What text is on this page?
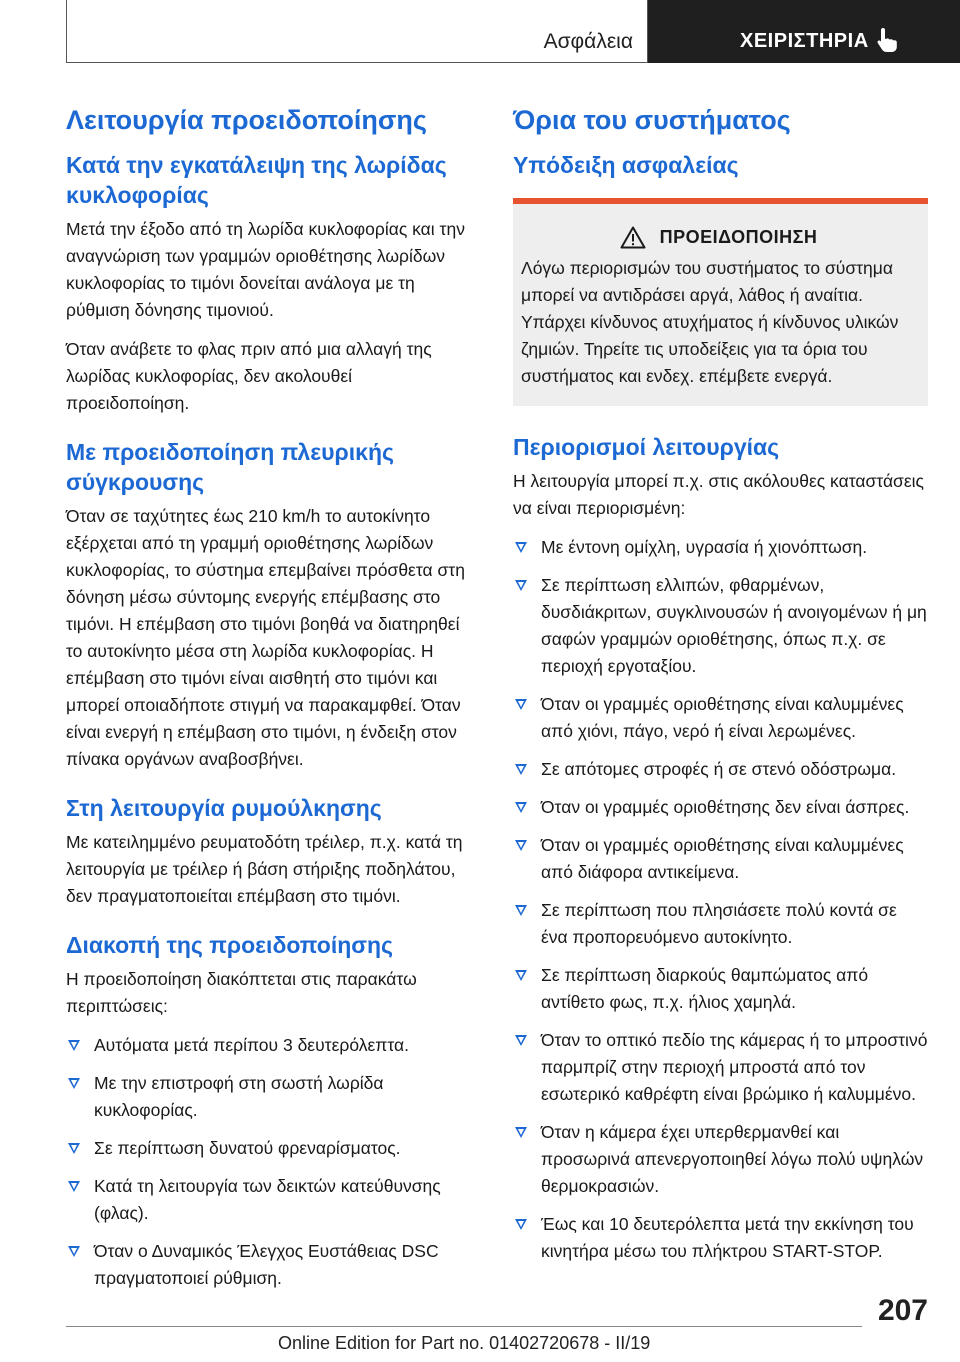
Ασφάλεια	ΧΕΙΡΙΣΤΗΡΙΑ
Λειτουργία προειδοποίησης
Κατά την εγκατάλειψη της λωρίδας κυκλοφορίας

Μετά την έξοδο από τη λωρίδα κυκλοφορίας και την αναγνώριση των γραμμών οριοθέτησης λωρίδων κυκλοφορίας το τιμόνι δονείται ανάλογα με τη ρύθμιση δόνησης τιμονιού.

Όταν ανάβετε το φλας πριν από μια αλλαγή της λωρίδας κυκλοφορίας, δεν ακολουθεί προειδοποίηση.

Με προειδοποίηση πλευρικής σύγκρουσης

Όταν σε ταχύτητες έως 210 km/h το αυτοκίνητο εξέρχεται από τη γραμμή οριοθέτησης λωρίδων κυκλοφορίας, το σύστημα επεμβαίνει πρόσθετα στη δόνηση μέσω σύντομης ενεργής επέμβασης στο τιμόνι. Η επέμβαση στο τιμόνι βοηθά να διατηρηθεί το αυτοκίνητο μέσα στη λωρίδα κυκλοφορίας. Η επέμβαση στο τιμόνι είναι αισθητή στο τιμόνι και μπορεί οποιαδήποτε στιγμή να παρακαμφθεί. Όταν είναι ενεργή η επέμβαση στο τιμόνι, η ένδειξη στον πίνακα οργάνων αναβοσβήνει.

Στη λειτουργία ρυμούλκησης

Με κατειλημμένο ρευματοδότη τρέιλερ, π.χ. κατά τη λειτουργία με τρέιλερ ή βάση στήριξης ποδηλάτου, δεν πραγματοποιείται επέμβαση στο τιμόνι.

Διακοπή της προειδοποίησης

Η προειδοποίηση διακόπτεται στις παρακάτω περιπτώσεις:

Αυτόματα μετά περίπου 3 δευτερόλεπτα.
Με την επιστροφή στη σωστή λωρίδα κυκλοφορίας.
Σε περίπτωση δυνατού φρεναρίσματος.
Κατά τη λειτουργία των δεικτών κατεύθυνσης (φλας).
Όταν ο Δυναμικός Έλεγχος Ευστάθειας DSC πραγματοποιεί ρύθμιση.
Όρια του συστήματος
Υπόδειξη ασφαλείας
ΠΡΟΕΙΔΟΠΟΙΗΣΗ

Λόγω περιορισμών του συστήματος το σύστημα μπορεί να αντιδράσει αργά, λάθος ή αναίτια. Υπάρχει κίνδυνος ατυχήματος ή κίνδυνος υλικών ζημιών. Τηρείτε τις υποδείξεις για τα όρια του συστήματος και ενδεχ. επέμβετε ενεργά.

Περιορισμοί λειτουργίας

Η λειτουργία μπορεί π.χ. στις ακόλουθες καταστάσεις να είναι περιορισμένη:

Με έντονη ομίχλη, υγρασία ή χιονόπτωση.
Σε περίπτωση ελλιπών, φθαρμένων, δυσδιάκριτων, συγκλινουσών ή ανοιγομένων ή μη σαφών γραμμών οριοθέτησης, όπως π.χ. σε περιοχή εργοταξίου.
Όταν οι γραμμές οριοθέτησης είναι καλυμμένες από χιόνι, πάγο, νερό ή είναι λερωμένες.
Σε απότομες στροφές ή σε στενό οδόστρωμα.
Όταν οι γραμμές οριοθέτησης δεν είναι άσπρες.
Όταν οι γραμμές οριοθέτησης είναι καλυμμένες από διάφορα αντικείμενα.
Σε περίπτωση που πλησιάσετε πολύ κοντά σε ένα προπορευόμενο αυτοκίνητο.
Σε περίπτωση διαρκούς θαμπώματος από αντίθετο φως, π.χ. ήλιος χαμηλά.
Όταν το οπτικό πεδίο της κάμερας ή το μπροστινό παρμπρίζ στην περιοχή μπροστά από τον εσωτερικό καθρέφτη είναι βρώμικο ή καλυμμένο.
Όταν η κάμερα έχει υπερθερμανθεί και προσωρινά απενεργοποιηθεί λόγω πολύ υψηλών θερμοκρασιών.
Έως και 10 δευτερόλεπτα μετά την εκκίνηση του κινητήρα μέσω του πλήκτρου START-STOP.
207
Online Edition for Part no. 01402720678 - II/19
